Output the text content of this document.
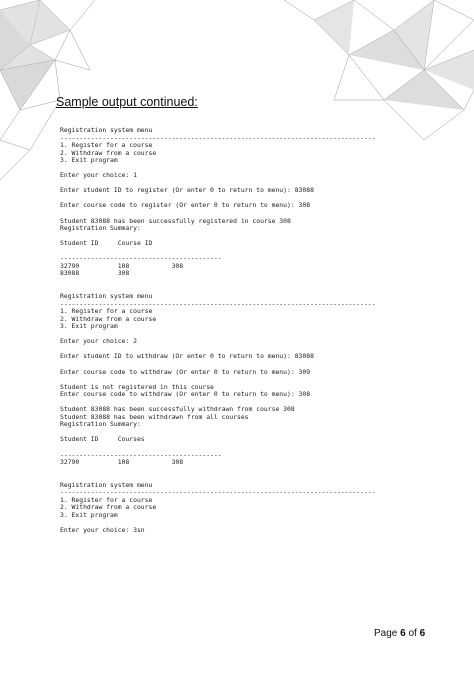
Sample output continued:
Registration system menu
----------------------------------------------------------------------------------
1. Register for a course
2. Withdraw from a course
3. Exit program
Enter your choice: 1
Enter student ID to register (Or enter 0 to return to menu): 83088
Enter course code to register (Or enter 0 to return to menu): 308
Student 83088 has been successfully registered in course 308
Registration Summary:
Student ID     Course ID
------------------------------------------
32790          108           308
83088          308
Registration system menu
----------------------------------------------------------------------------------
1. Register for a course
2. Withdraw from a course
3. Exit program
Enter your choice: 2
Enter student ID to withdraw (Or enter 0 to return to menu): 83088
Enter course code to withdraw (Or enter 0 to return to menu): 309
Student is not registered in this course
Enter course code to withdraw (Or enter 0 to return to menu): 308
Student 83088 has been successfully withdrawn from course 308
Student 83088 has been withdrawn from all courses
Registration Summary:
Student ID     Courses
------------------------------------------
32790          108           308
Registration system menu
----------------------------------------------------------------------------------
1. Register for a course
2. Withdraw from a course
3. Exit program
Enter your choice: 3sn
Page 6 of 6
